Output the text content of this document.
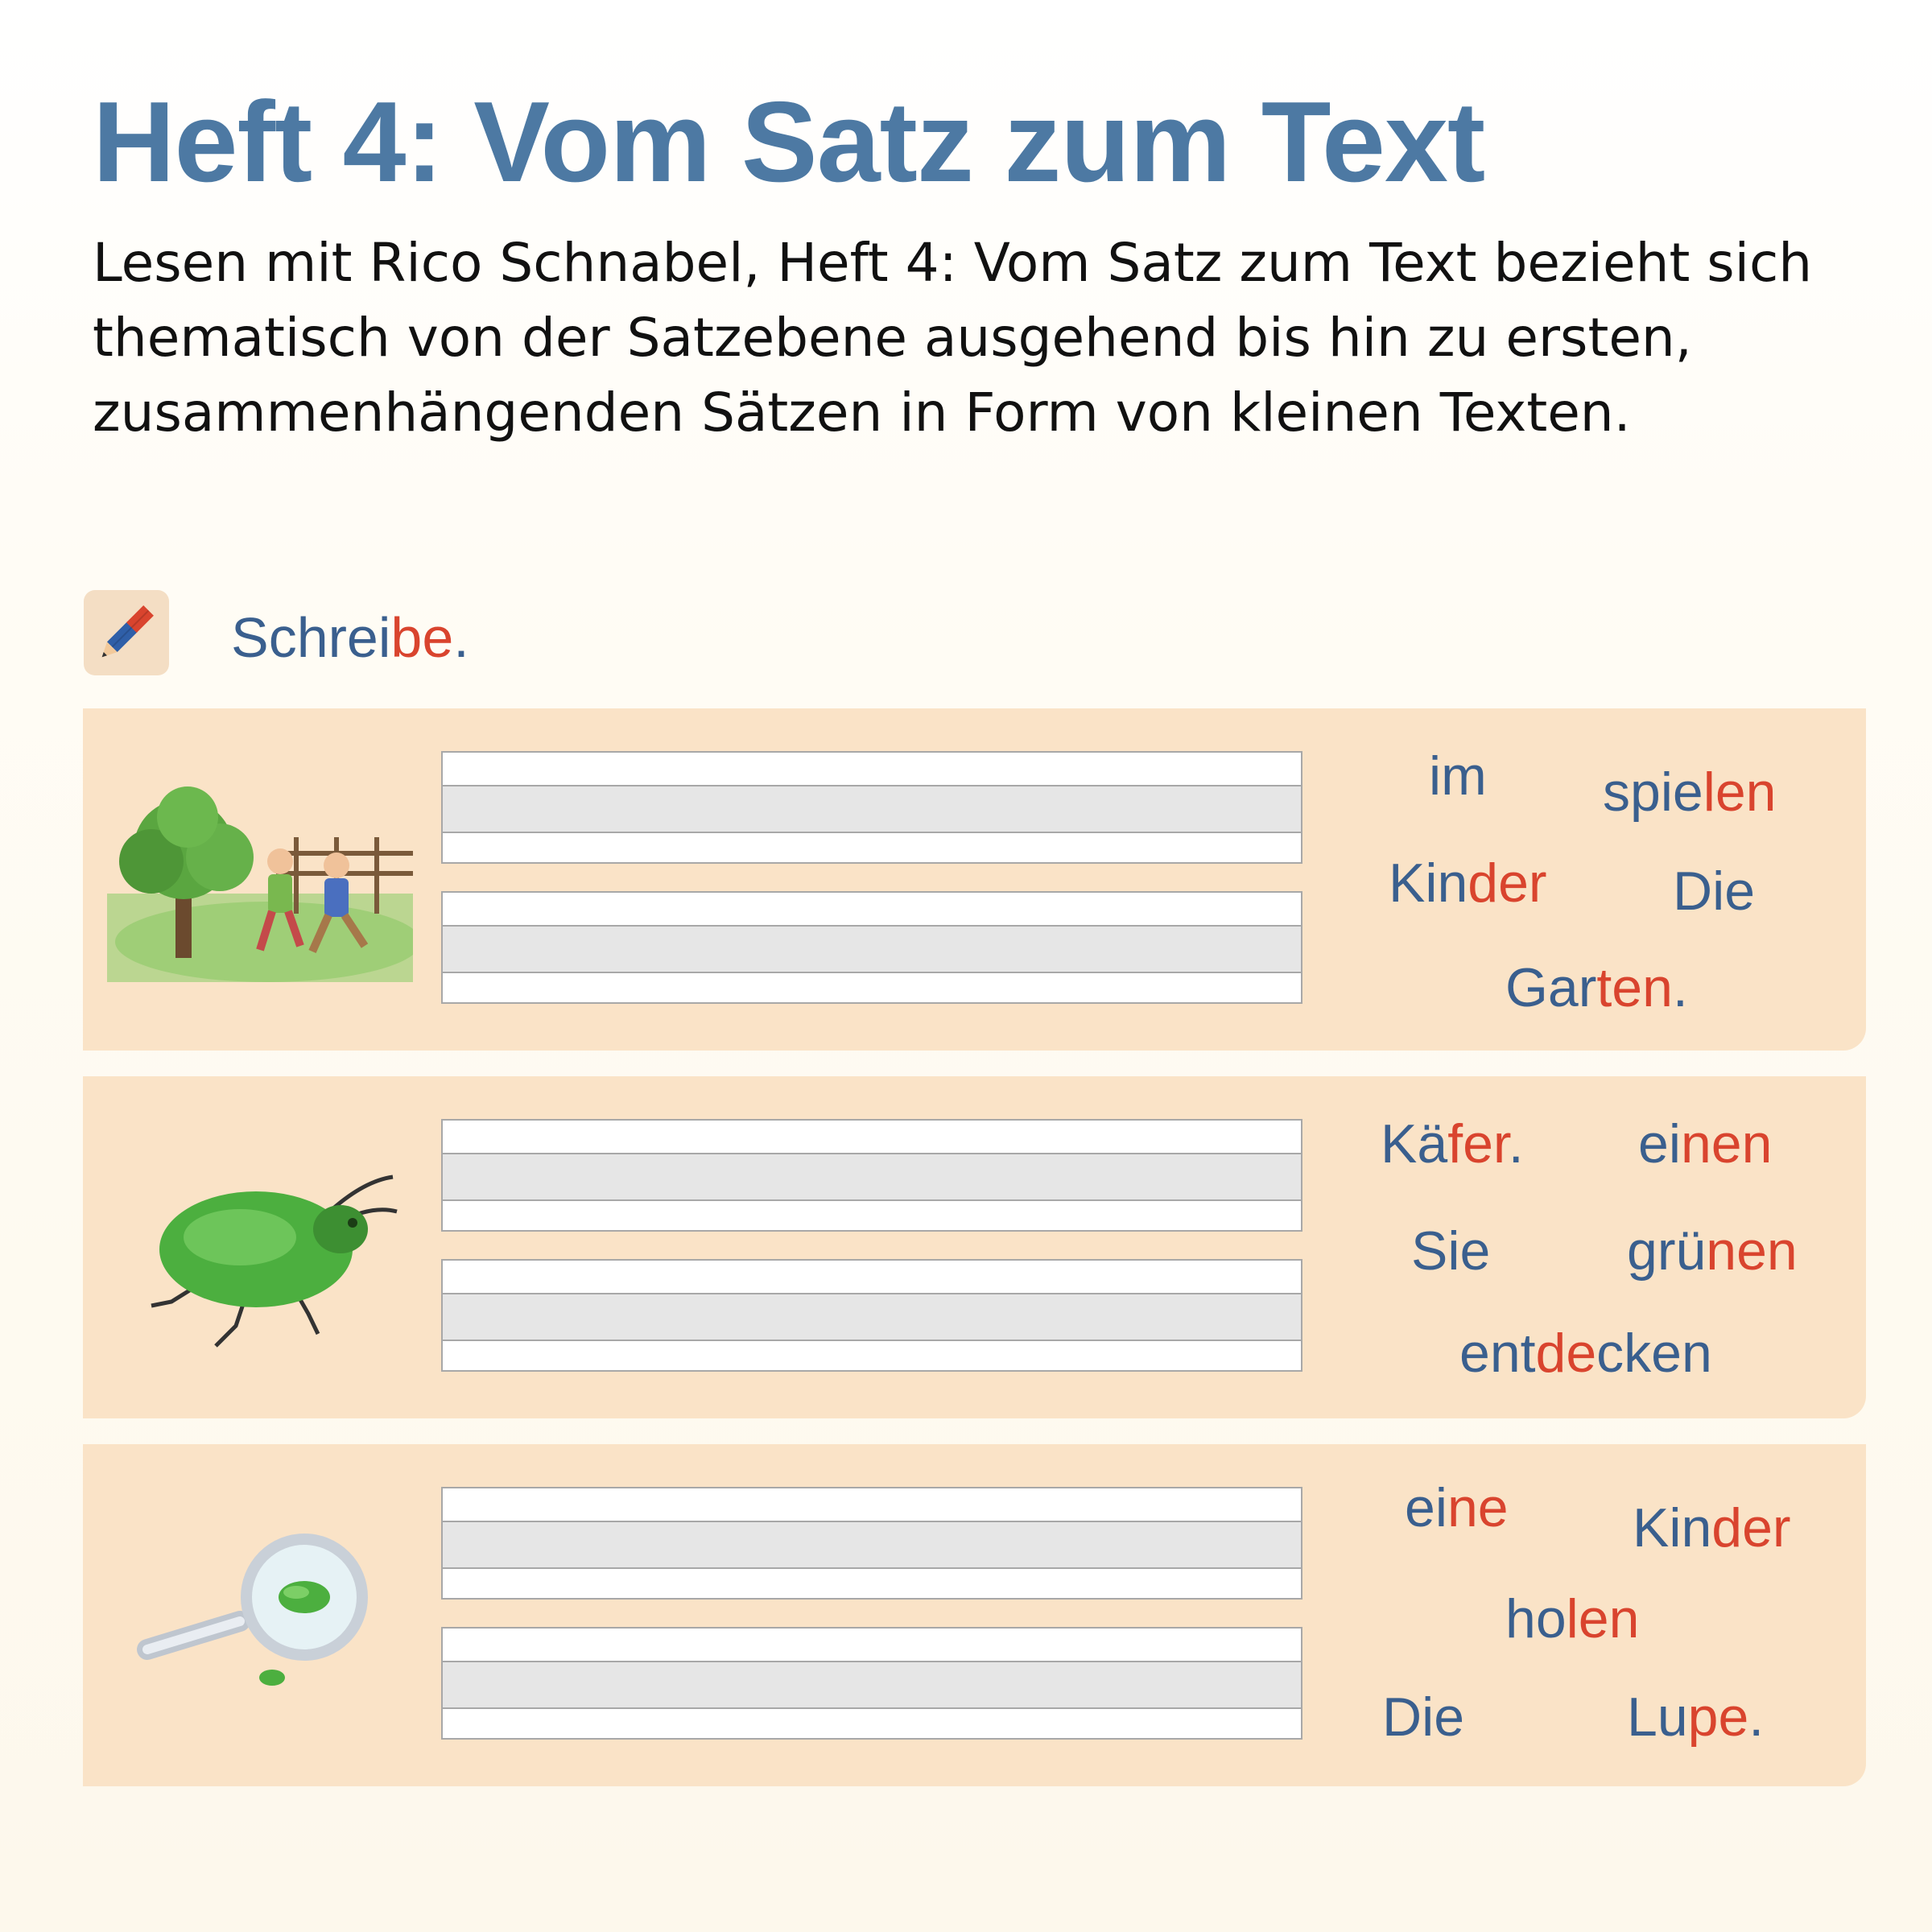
Heft 4: Vom Satz zum Text

Lesen mit Rico Schnabel, Heft 4: Vom Satz zum Text bezieht sich thematisch von der Satzebene ausgehend bis hin zu ersten, zusammenhängenden Sätzen in Form von kleinen Texten.

Schreibe.
im spielen
Kinder Die
Garten.
Käfer. einen
Sie grünen
entdecken
eine Kinder
holen
Die	Lupe.
